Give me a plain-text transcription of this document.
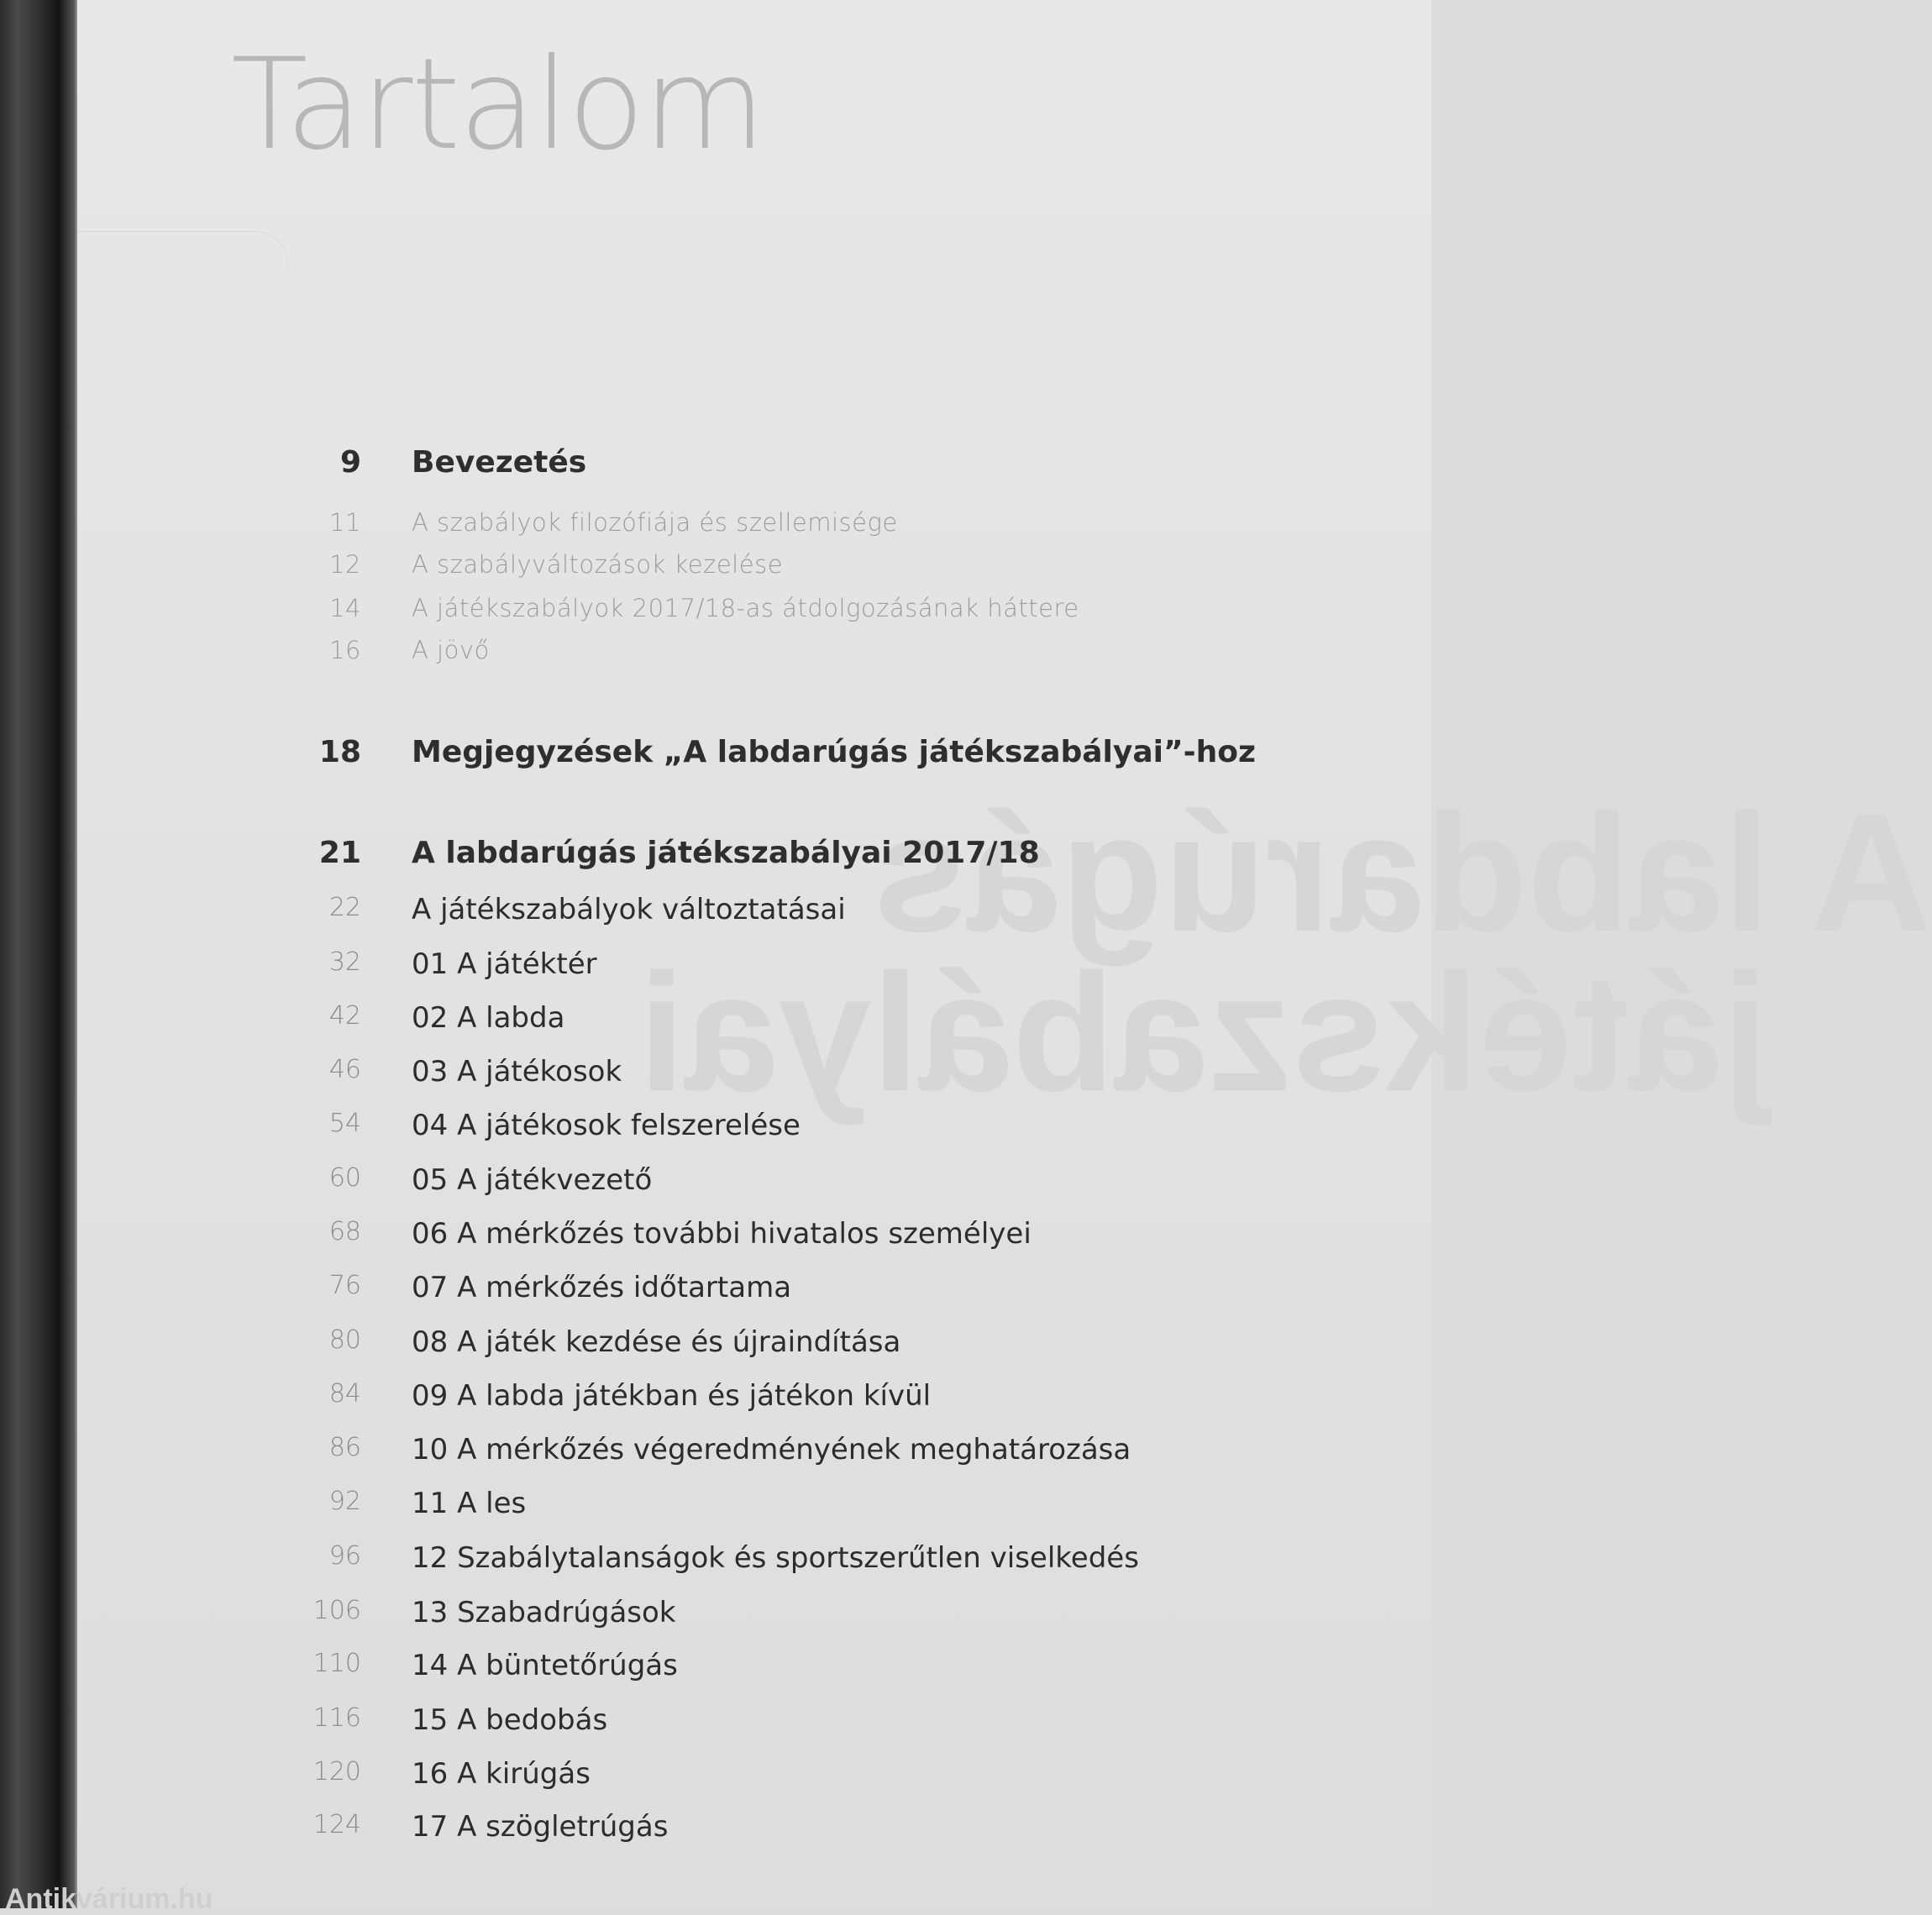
A labdarúgás
játékszabályai
Tartalom
9 Bevezetés
11 A szabályok filozófiája és szellemisége
12 A szabályváltozások kezelése
14 A játékszabályok 2017/18-as átdolgozásának háttere
16 A jövő
18 Megjegyzések „A labdarúgás játékszabályai”-hoz
21 A labdarúgás játékszabályai 2017/18
22 A játékszabályok változtatásai
32 01 A játéktér
42 02 A labda
46 03 A játékosok
54 04 A játékosok felszerelése
60 05 A játékvezető
68 06 A mérkőzés további hivatalos személyei
76 07 A mérkőzés időtartama
80 08 A játék kezdése és újraindítása
84 09 A labda játékban és játékon kívül
86 10 A mérkőzés végeredményének meghatározása
92 11 A les
96 12 Szabálytalanságok és sportszerűtlen viselkedés
106 13 Szabadrúgások
110 14 A büntetőrúgás
116 15 A bedobás
120 16 A kirúgás
124 17 A szögletrúgás
Antikvárium.hu
